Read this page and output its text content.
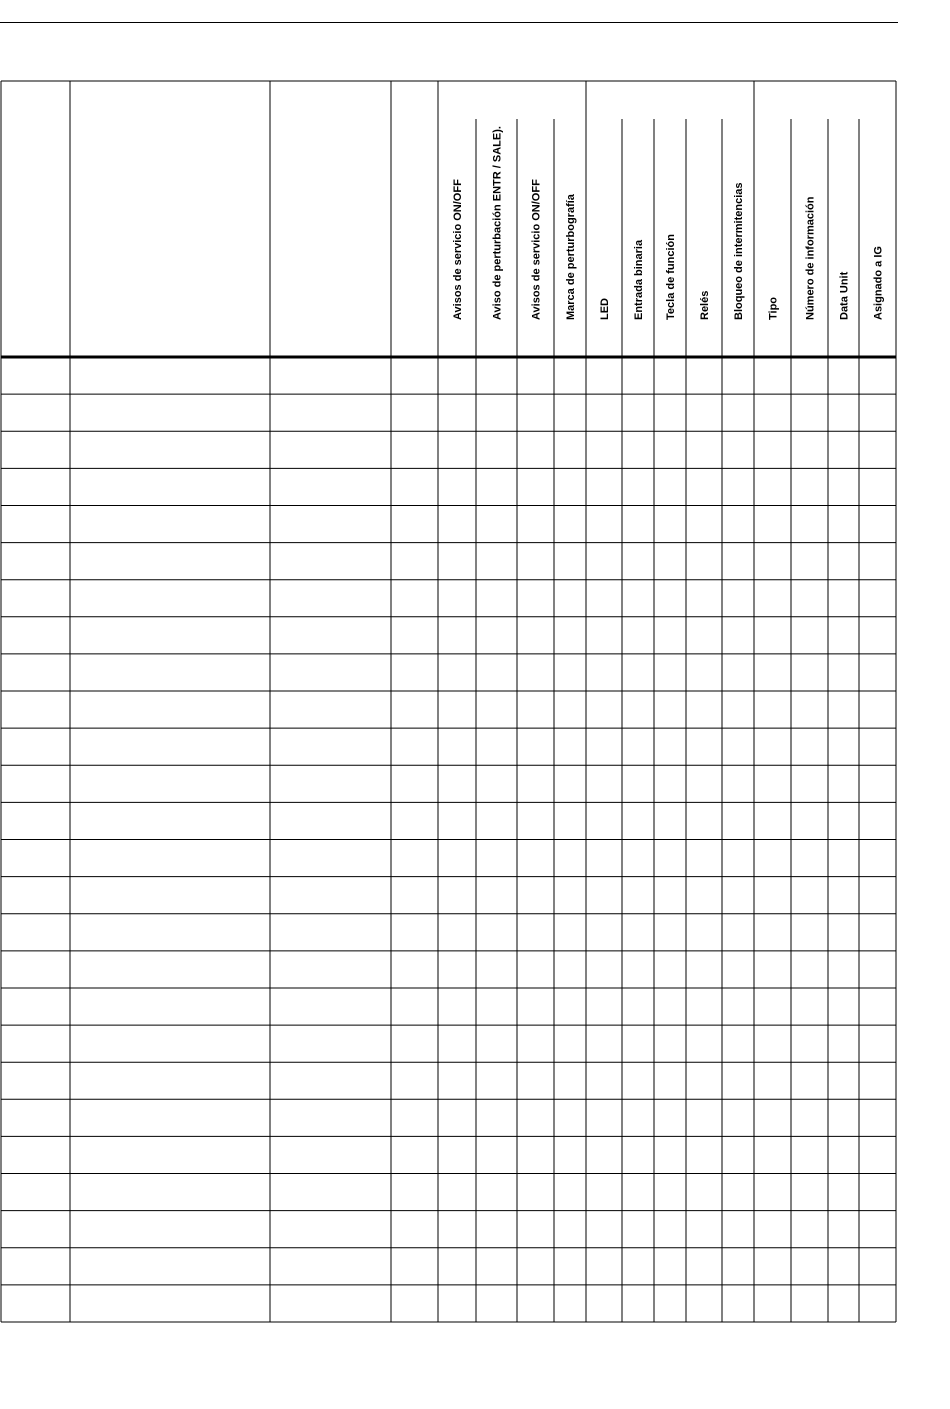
Avisos de servicio ON/OFF	Aviso de perturbación ENTR / SALE). Avisos de servicio ON/OFF Marca de perturbografía LED Entrada binaria Tecla de función Relés Bloqueo de intermitencias Tipo Número de información Data Unit Asignado a IG
